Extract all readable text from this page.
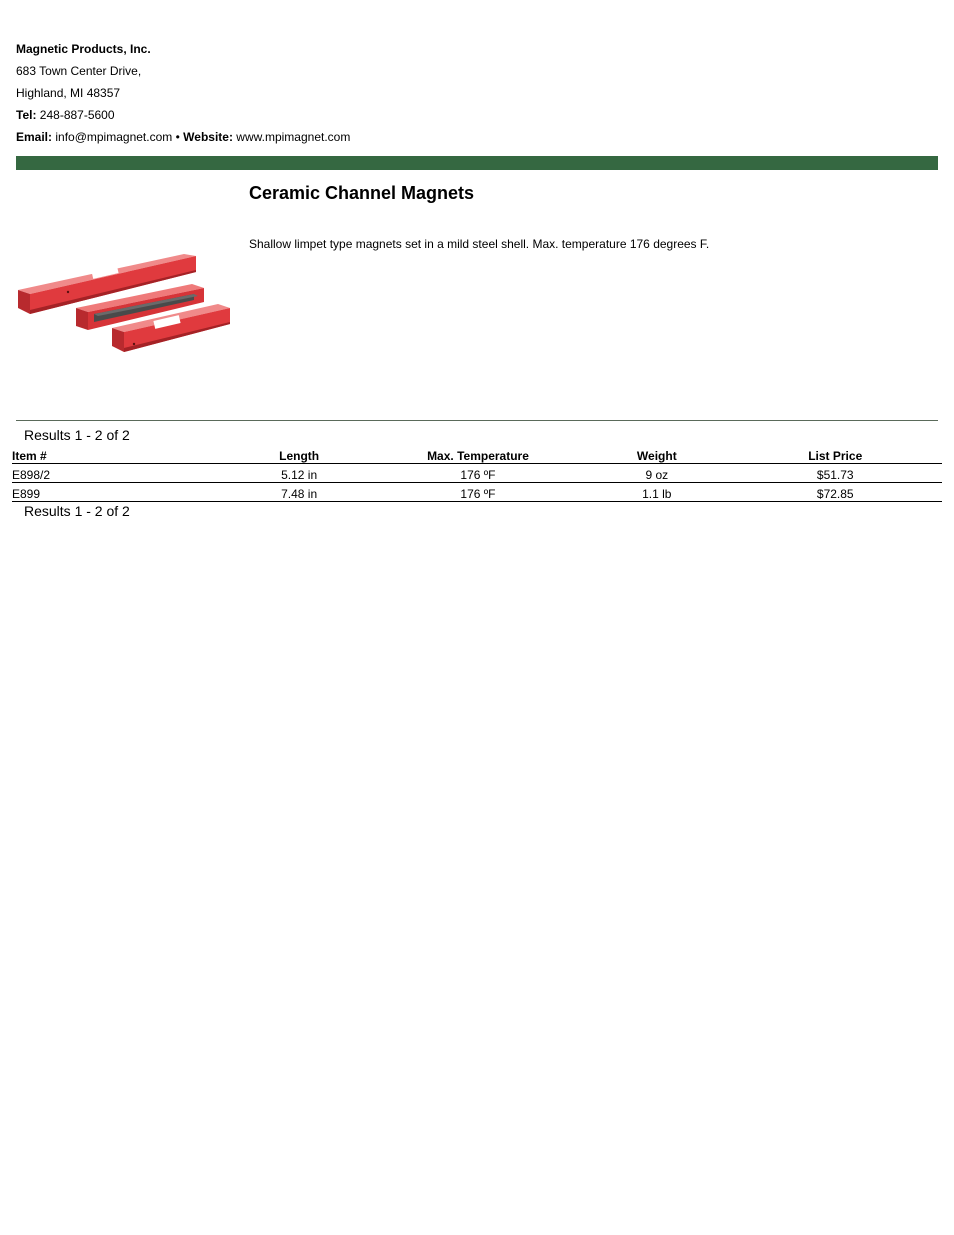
Magnetic Products, Inc.
683 Town Center Drive,
Highland, MI 48357
Tel: 248-887-5600
Email: info@mpimagnet.com • Website: www.mpimagnet.com
Ceramic Channel Magnets
Shallow limpet type magnets set in a mild steel shell. Max. temperature 176 degrees F.
Results 1 - 2 of 2
Item #	Length	Max. Temperature	Weight	List Price
E898/2	5.12 in	176 ºF	9 oz	$51.73
E899	7.48 in	176 ºF	1.1 lb	$72.85
Results 1 - 2 of 2
